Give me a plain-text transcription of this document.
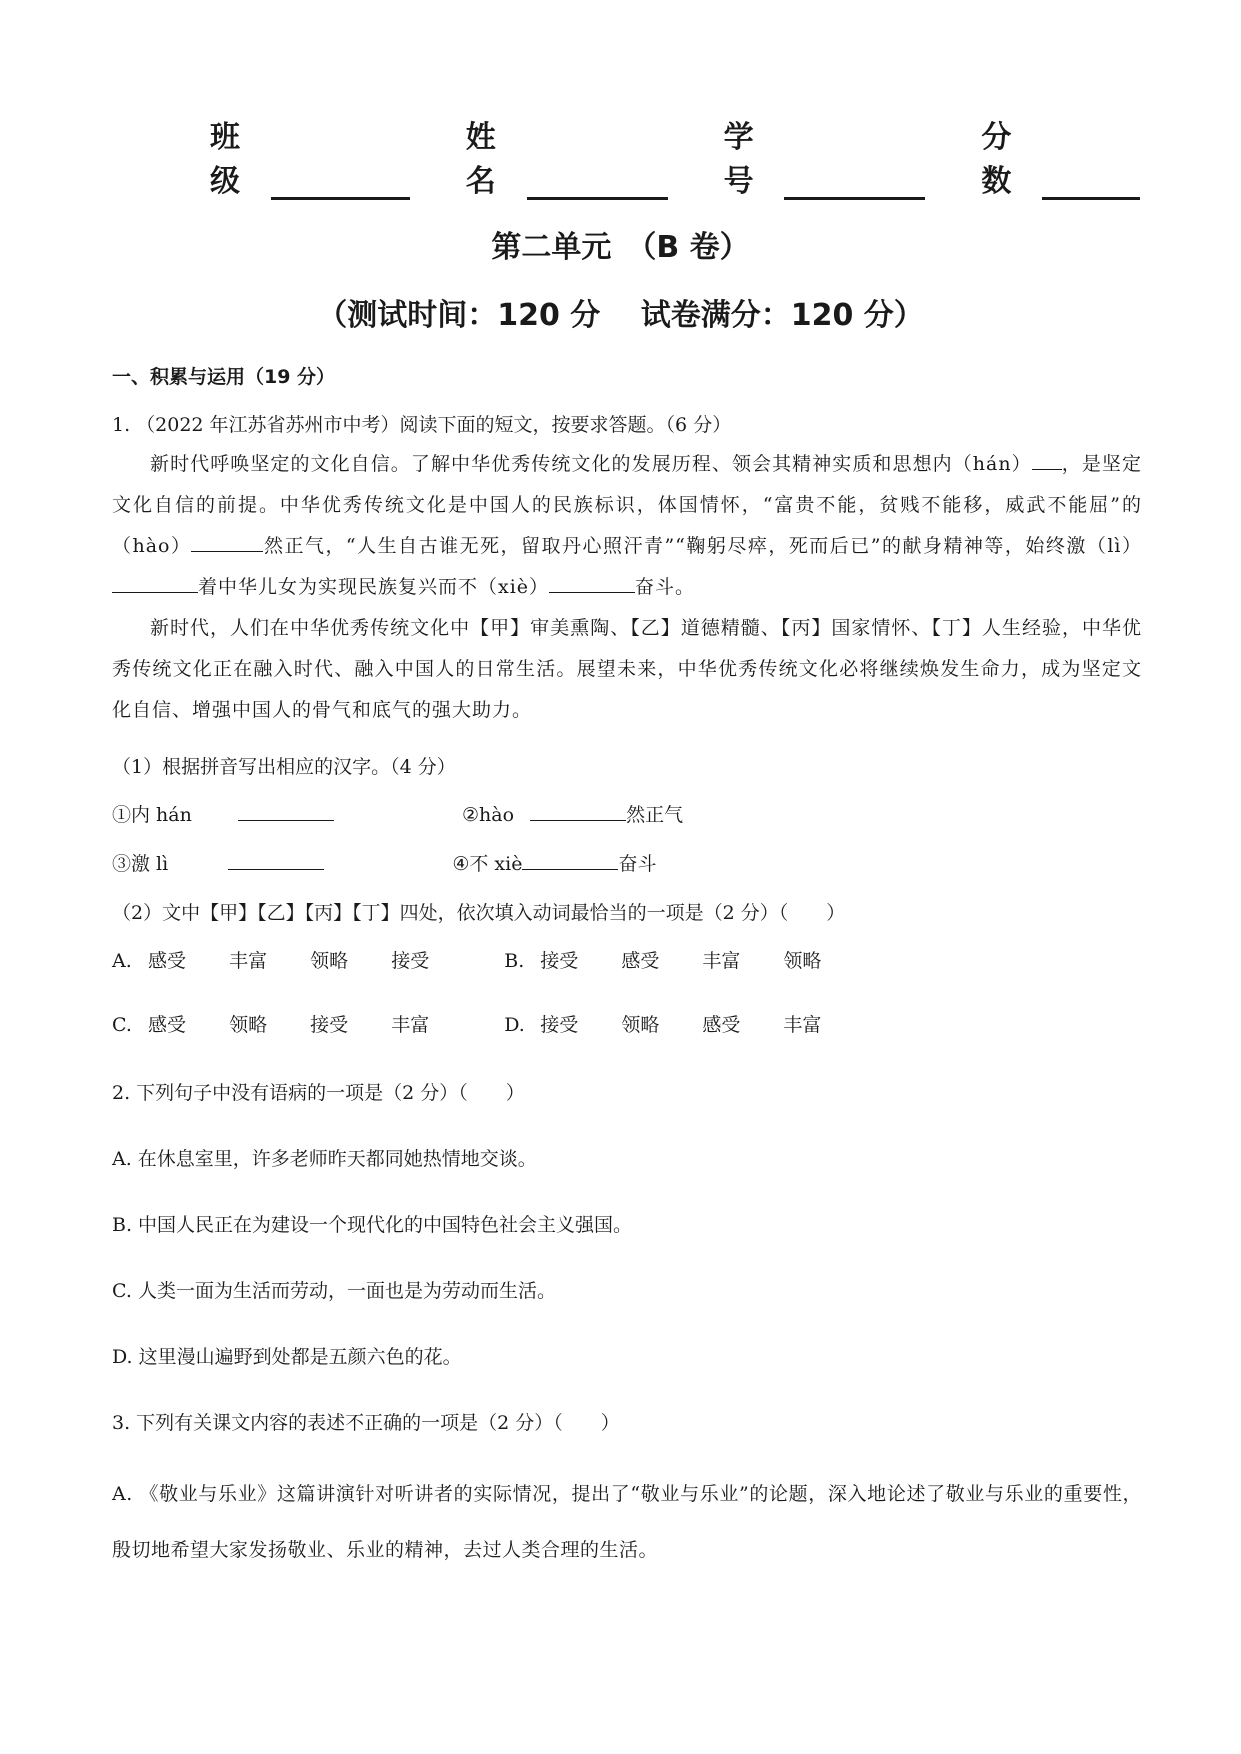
班级
姓名
学号
分数
第二单元　（B 卷）
（测试时间：120 分　 试卷满分：120 分）
一、积累与运用（19 分）
1. （2022 年江苏省苏州市中考）阅读下面的短文，按要求答题。（6 分）

新时代呼唤坚定的文化自信。了解中华优秀传统文化的发展历程、领会其精神实质和思想内（hán） ，是坚定文化自信的前提。中华优秀传统文化是中国人的民族标识，体国情怀，“富贵不能，贫贱不能移，威武不能屈”的（hào）	然正气，“人生自古谁无死，留取丹心照汗青”“鞠躬尽瘁，死而后已”的献身精神等，始终激（lì）着中华儿女为实现民族复兴而不（xiè）	奋斗。

新时代，人们在中华优秀传统文化中【甲】审美熏陶、【乙】道德精髓、【丙】国家情怀、【丁】人生经验，中华优秀传统文化正在融入时代、融入中国人的日常生活。展望未来，中华优秀传统文化必将继续焕发生命力，成为坚定文化自信、增强中国人的骨气和底气的强大助力。

（1）根据拼音写出相应的汉字。（4 分）
①内 hán	②hào	然正气
③激 lì	④不 xiè	奋斗
（2）文中【甲】【乙】【丙】【丁】四处，依次填入动词最恰当的一项是（2 分）（　　）
A. 感受 丰富 领略 接受	B. 接受 感受 丰富 领略
C. 感受 领略 接受 丰富	D. 接受 领略 感受 丰富
2. 下列句子中没有语病的一项是（2 分）（　　）
A. 在休息室里，许多老师昨天都同她热情地交谈。
B. 中国人民正在为建设一个现代化的中国特色社会主义强国。
C. 人类一面为生活而劳动，一面也是为劳动而生活。
D. 这里漫山遍野到处都是五颜六色的花。
3. 下列有关课文内容的表述不正确的一项是（2 分）（　　）
A. 《敬业与乐业》这篇讲演针对听讲者的实际情况，提出了“敬业与乐业”的论题，深入地论述了敬业与乐业的重要性，殷切地希望大家发扬敬业、乐业的精神，去过人类合理的生活。
